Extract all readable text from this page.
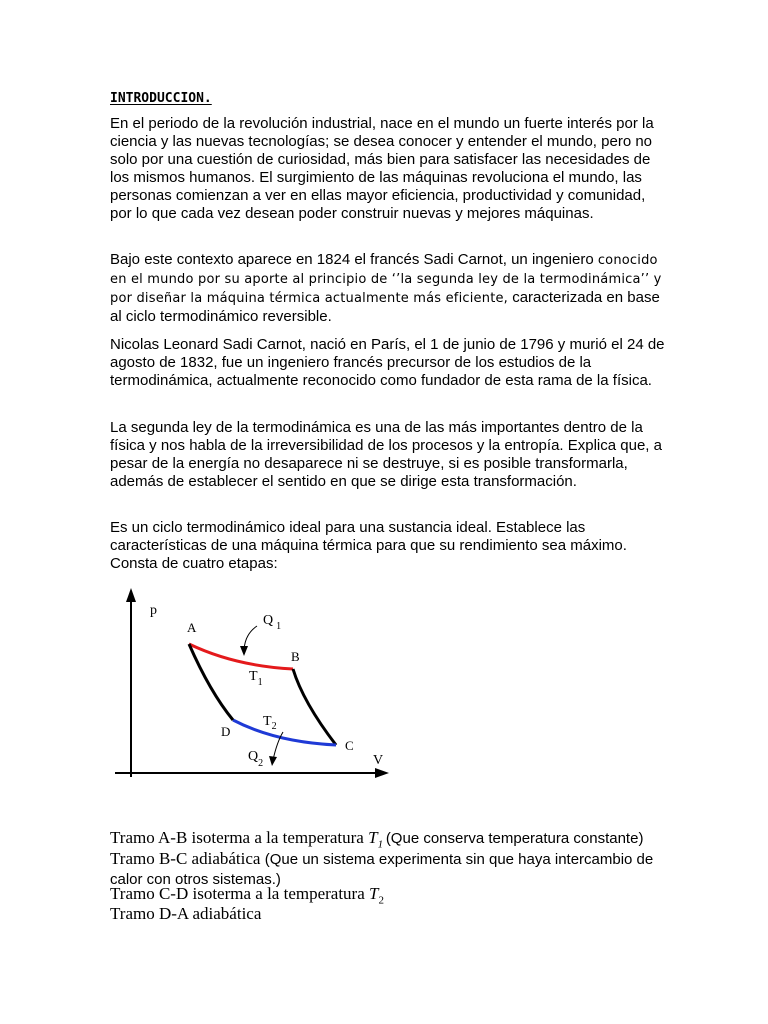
INTRODUCCION.

En el periodo de la revolución industrial, nace en el mundo un fuerte interés por la ciencia y las nuevas tecnologías; se desea conocer y entender el mundo, pero no solo por una cuestión de curiosidad, más bien para satisfacer las necesidades de los mismos humanos. El surgimiento de las máquinas revoluciona el mundo, las personas comienzan a ver en ellas mayor eficiencia, productividad y comunidad, por lo que cada vez desean poder construir nuevas y mejores máquinas.

Bajo este contexto aparece en 1824 el francés Sadi Carnot, un ingeniero conocido en el mundo por su aporte al principio de ‘’la segunda ley de la termodinámica’’ y por diseñar la máquina térmica actualmente más eficiente, caracterizada en base al ciclo termodinámico reversible.

Nicolas Leonard Sadi Carnot, nació en París, el 1 de junio de 1796 y murió el 24 de agosto de 1832, fue un ingeniero francés precursor de los estudios de la termodinámica, actualmente reconocido como fundador de esta rama de la física.

La segunda ley de la termodinámica es una de las más importantes dentro de la física y nos habla de la irreversibilidad de los procesos y la entropía. Explica que, a pesar de la energía no desaparece ni se destruye, si es posible transformarla, además de establecer el sentido en que se dirige esta transformación.

Es un ciclo termodinámico ideal para una sustancia ideal. Establece las características de una máquina térmica para que su rendimiento sea máximo. Consta de cuatro etapas:

p
V
A
B
C
D
Q $_1$
$T_1$
$T_2$
$Q_2$

Tramo A-B isoterma a la temperatura $T_1$ (Que conserva temperatura constante)

Tramo B-C adiabática (Que un sistema experimenta sin que haya intercambio de calor con otros sistemas.)

Tramo C-D isoterma a la temperatura $T_2$

Tramo D-A adiabática
